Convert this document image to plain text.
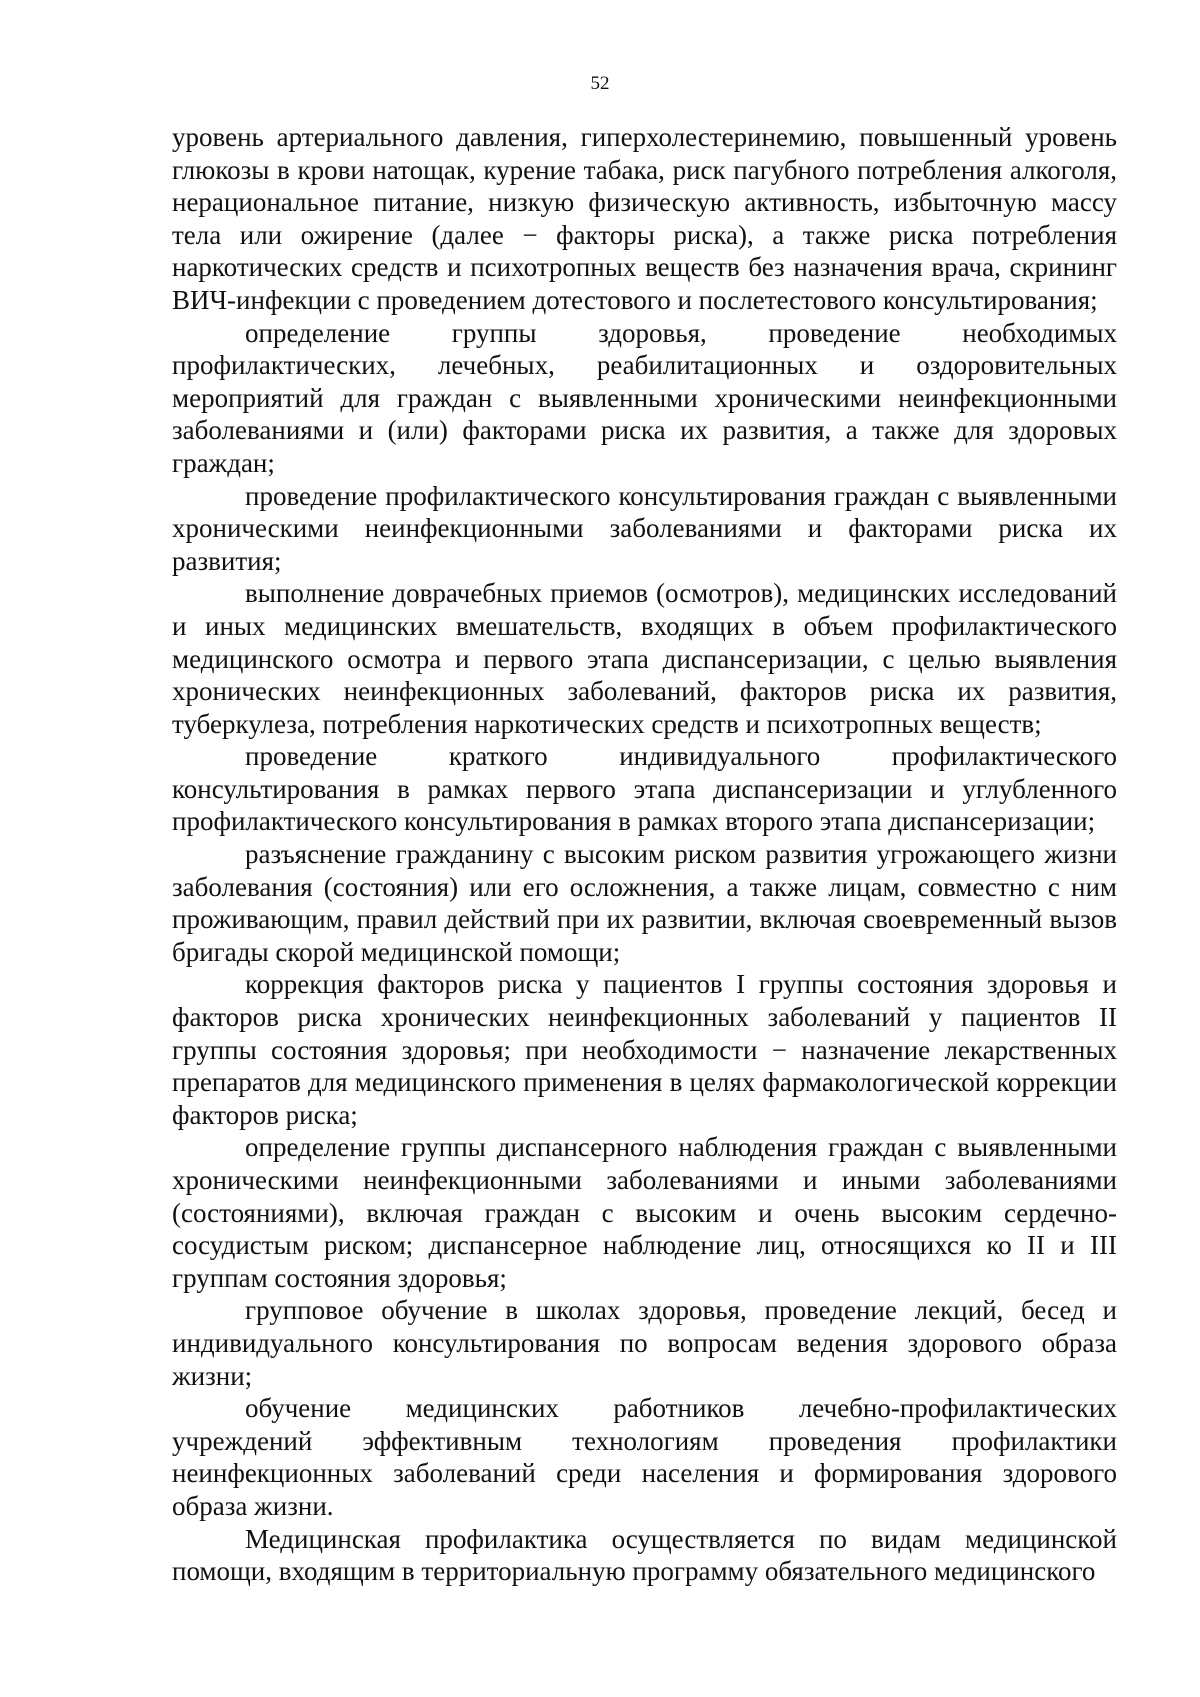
52

уровень артериального давления, гиперхолестеринемию, повышенный уровень глюкозы в крови натощак, курение табака, риск пагубного потребления алкоголя, нерациональное питание, низкую физическую активность, избыточную массу тела или ожирение (далее − факторы риска), а также риска потребления наркотических средств и психотропных веществ без назначения врача, скрининг ВИЧ-инфекции с проведением дотестового и послетестового консультирования;

определение группы здоровья, проведение необходимых профилактических, лечебных, реабилитационных и оздоровительных мероприятий для граждан с выявленными хроническими неинфекционными заболеваниями и (или) факторами риска их развития, а также для здоровых граждан;

проведение профилактического консультирования граждан с выявленными хроническими неинфекционными заболеваниями и факторами риска их развития;

выполнение доврачебных приемов (осмотров), медицинских исследований и иных медицинских вмешательств, входящих в объем профилактического медицинского осмотра и первого этапа диспансеризации, с целью выявления хронических неинфекционных заболеваний, факторов риска их развития, туберкулеза, потребления наркотических средств и психотропных веществ;

проведение краткого индивидуального профилактического консультирования в рамках первого этапа диспансеризации и углубленного профилактического консультирования в рамках второго этапа диспансеризации;

разъяснение гражданину с высоким риском развития угрожающего жизни заболевания (состояния) или его осложнения, а также лицам, совместно с ним проживающим, правил действий при их развитии, включая своевременный вызов бригады скорой медицинской помощи;

коррекция факторов риска у пациентов I группы состояния здоровья и факторов риска хронических неинфекционных заболеваний у пациентов II группы состояния здоровья; при необходимости − назначение лекарственных препаратов для медицинского применения в целях фармакологической коррекции факторов риска;

определение группы диспансерного наблюдения граждан с выявленными хроническими неинфекционными заболеваниями и иными заболеваниями (состояниями), включая граждан с высоким и очень высоким сердечно-сосудистым риском; диспансерное наблюдение лиц, относящихся ко II и III группам состояния здоровья;

групповое обучение в школах здоровья, проведение лекций, бесед и индивидуального консультирования по вопросам ведения здорового образа жизни;

обучение медицинских работников лечебно-профилактических учреждений эффективным технологиям проведения профилактики неинфекционных заболеваний среди населения и формирования здорового образа жизни.

Медицинская профилактика осуществляется по видам медицинской помощи, входящим в территориальную программу обязательного медицинского
